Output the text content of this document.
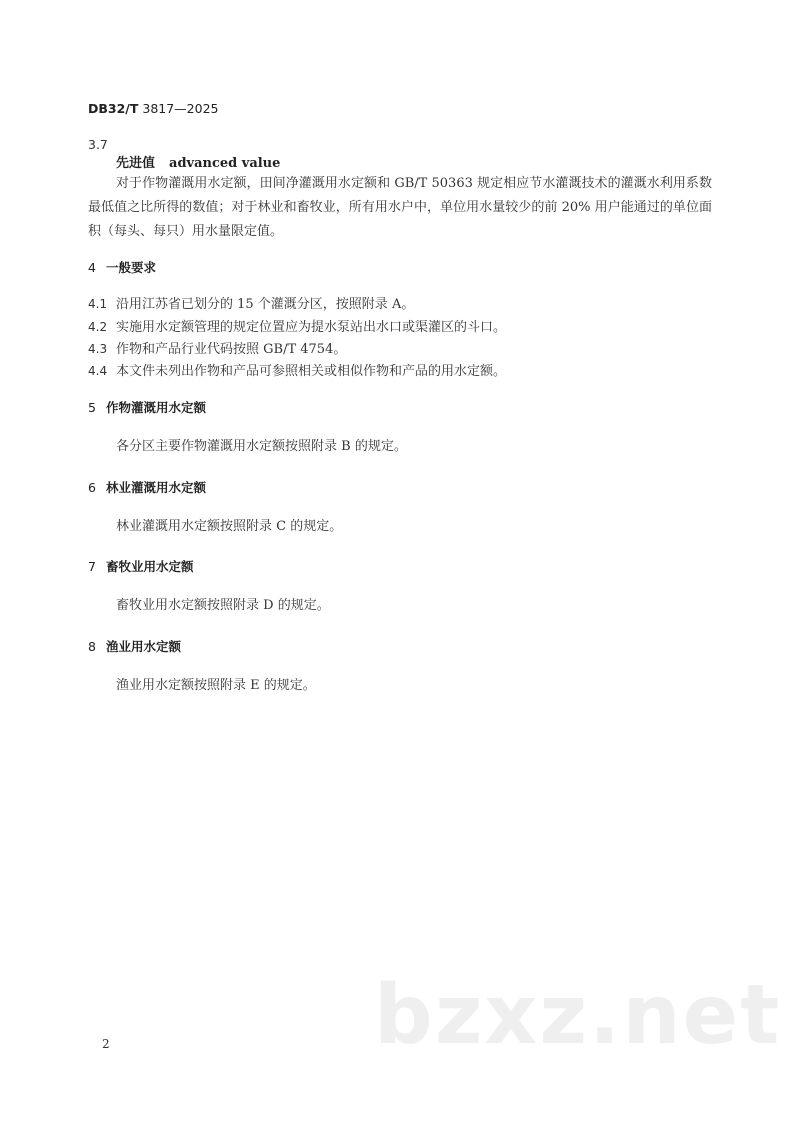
DB32/T 3817—2025
3.7
先进值 advanced value
对于作物灌溉用水定额，田间净灌溉用水定额和 GB/T 50363 规定相应节水灌溉技术的灌溉水利用系数最低值之比所得的数值；对于林业和畜牧业，所有用水户中，单位用水量较少的前 20% 用户能通过的单位面积（每头、每只）用水量限定值。
4 一般要求
4.1 沿用江苏省已划分的 15 个灌溉分区，按照附录 A。
4.2 实施用水定额管理的规定位置应为提水泵站出水口或渠灌区的斗口。
4.3 作物和产品行业代码按照 GB/T 4754。
4.4 本文件未列出作物和产品可参照相关或相似作物和产品的用水定额。
5 作物灌溉用水定额
各分区主要作物灌溉用水定额按照附录 B 的规定。
6 林业灌溉用水定额
林业灌溉用水定额按照附录 C 的规定。
7 畜牧业用水定额
畜牧业用水定额按照附录 D 的规定。
8 渔业用水定额
渔业用水定额按照附录 E 的规定。
bzxz.net
2
